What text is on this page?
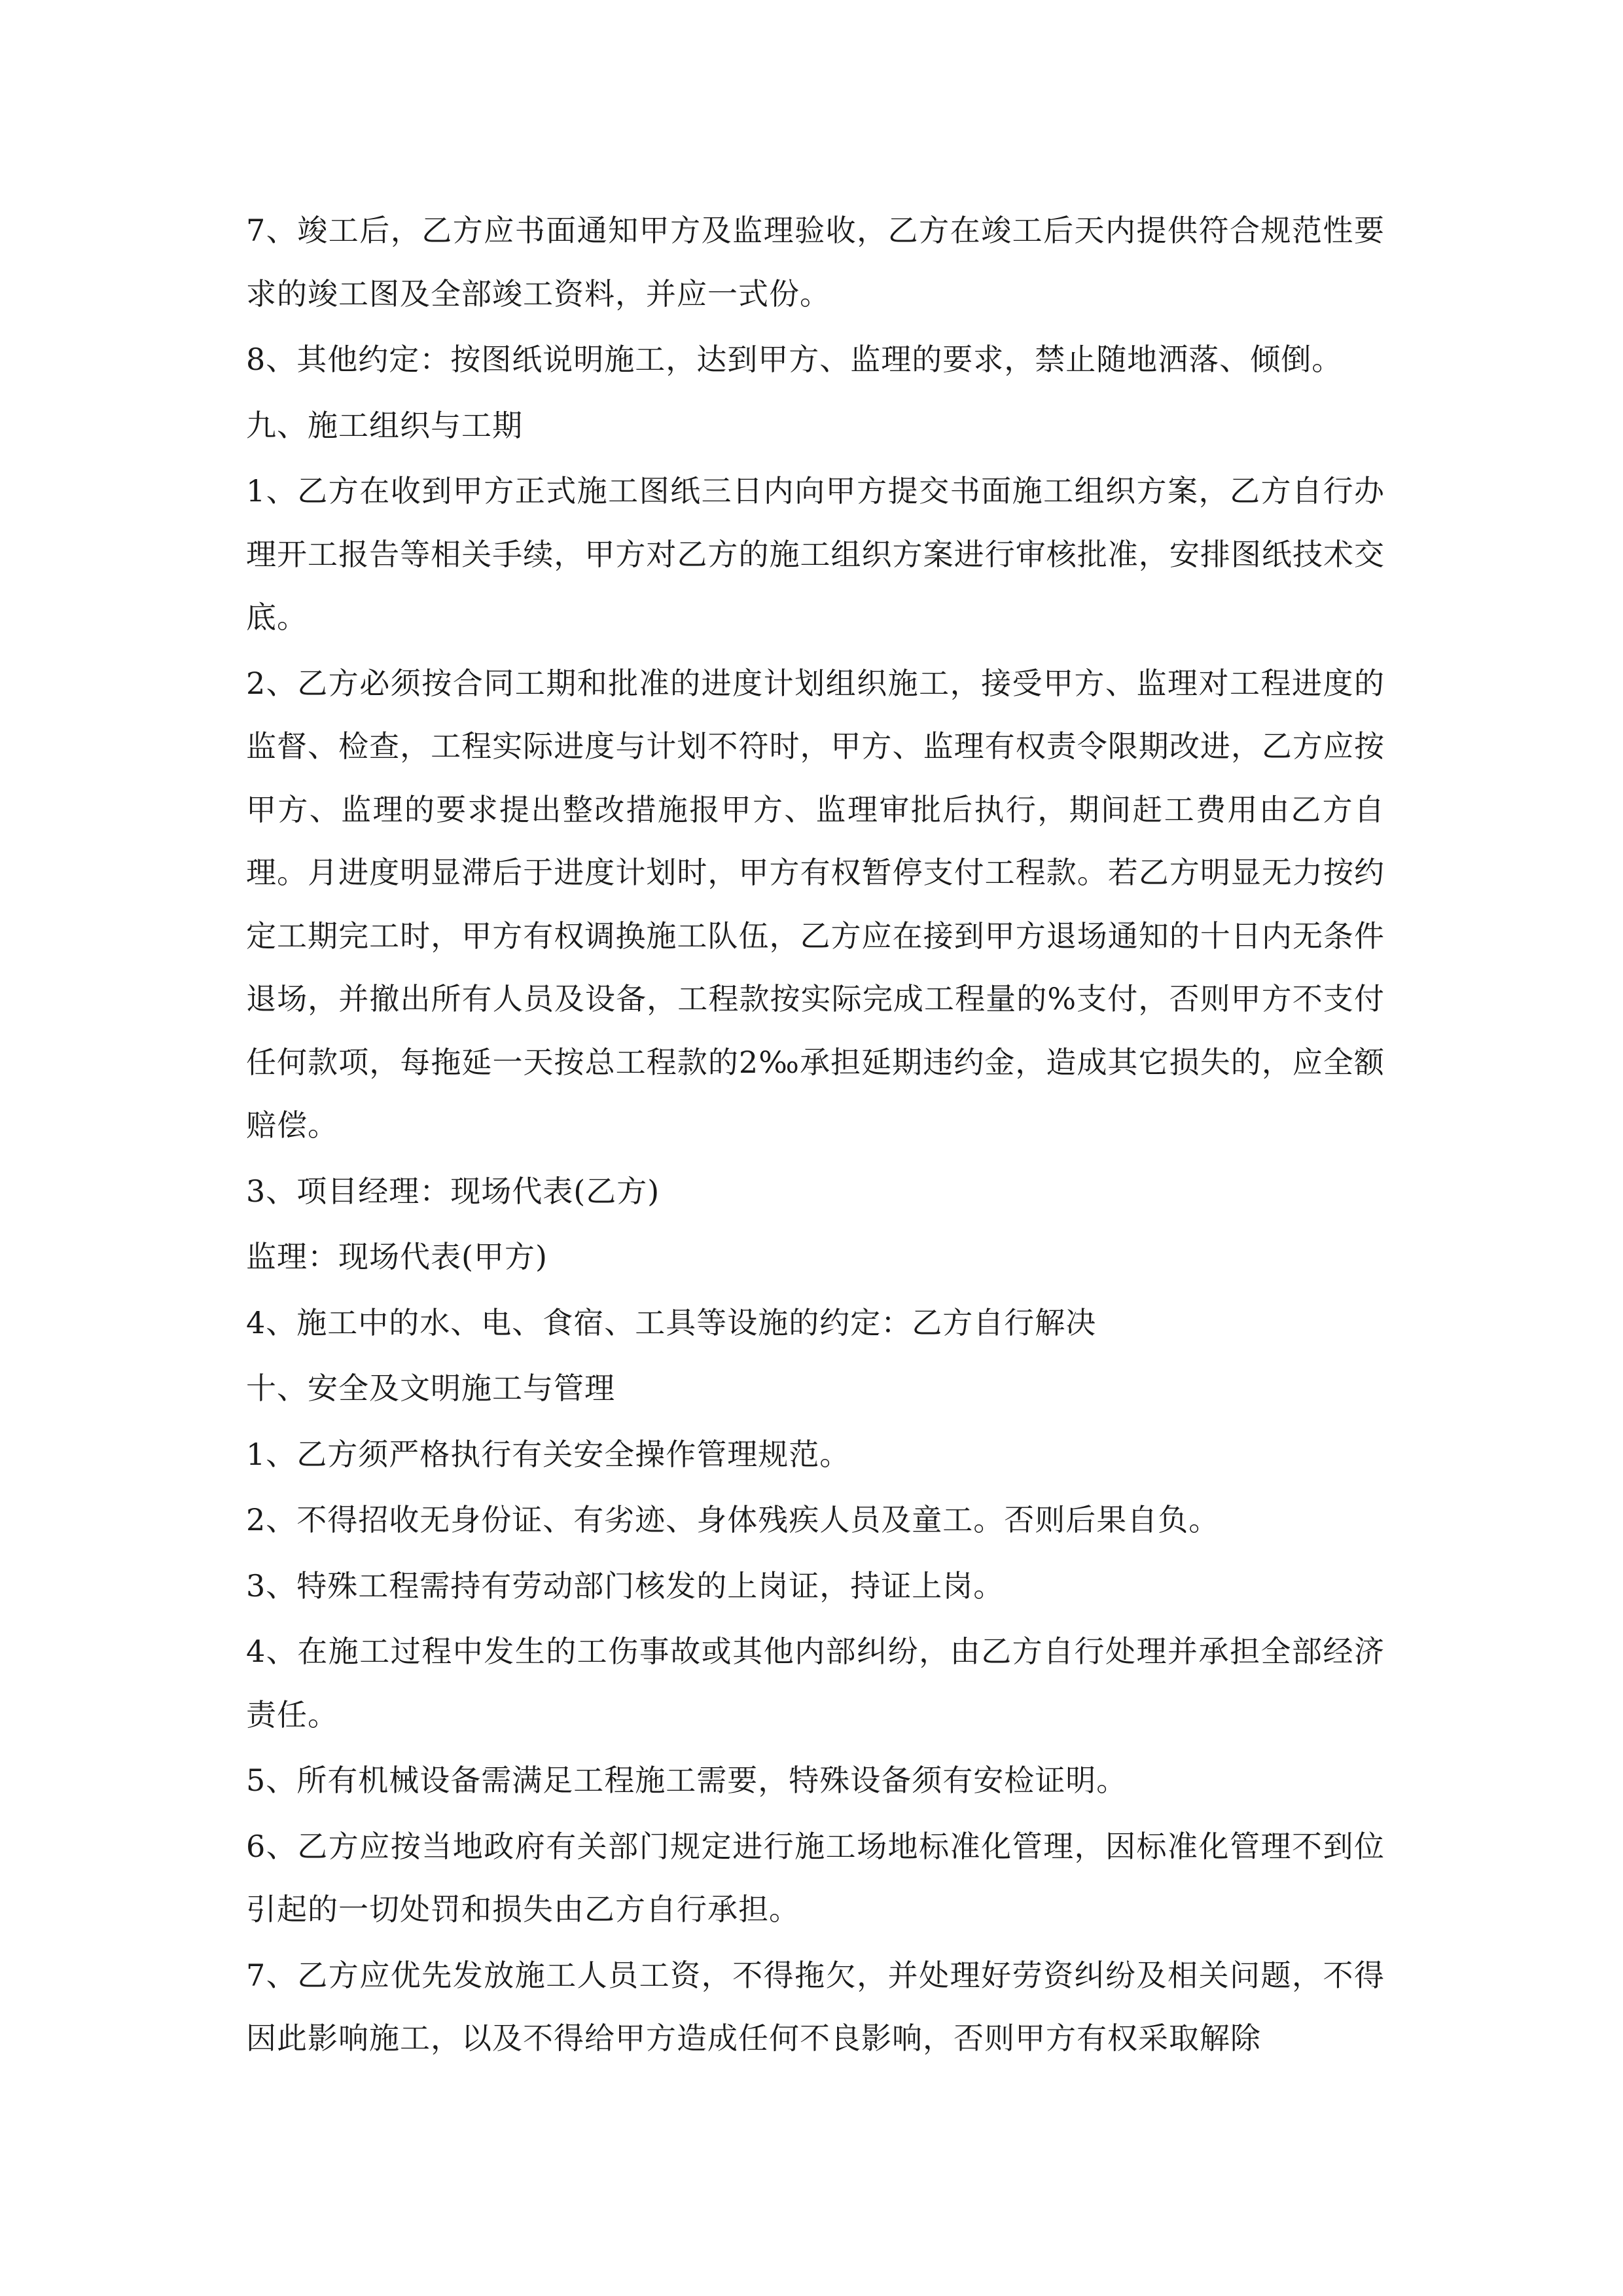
7、竣工后，乙方应书面通知甲方及监理验收，乙方在竣工后天内提供符合规范性要求的竣工图及全部竣工资料，并应一式份。

8、其他约定：按图纸说明施工，达到甲方、监理的要求，禁止随地洒落、倾倒。

九、施工组织与工期

1、乙方在收到甲方正式施工图纸三日内向甲方提交书面施工组织方案，乙方自行办理开工报告等相关手续，甲方对乙方的施工组织方案进行审核批准，安排图纸技术交底。

2、乙方必须按合同工期和批准的进度计划组织施工，接受甲方、监理对工程进度的监督、检查，工程实际进度与计划不符时，甲方、监理有权责令限期改进，乙方应按甲方、监理的要求提出整改措施报甲方、监理审批后执行，期间赶工费用由乙方自理。月进度明显滞后于进度计划时，甲方有权暂停支付工程款。若乙方明显无力按约定工期完工时，甲方有权调换施工队伍，乙方应在接到甲方退场通知的十日内无条件退场，并撤出所有人员及设备，工程款按实际完成工程量的%支付，否则甲方不支付任何款项，每拖延一天按总工程款的2‰承担延期违约金，造成其它损失的，应全额赔偿。

3、项目经理：现场代表(乙方)

监理：现场代表(甲方)

4、施工中的水、电、食宿、工具等设施的约定：乙方自行解决

十、安全及文明施工与管理

1、乙方须严格执行有关安全操作管理规范。

2、不得招收无身份证、有劣迹、身体残疾人员及童工。否则后果自负。

3、特殊工程需持有劳动部门核发的上岗证，持证上岗。

4、在施工过程中发生的工伤事故或其他内部纠纷，由乙方自行处理并承担全部经济责任。

5、所有机械设备需满足工程施工需要，特殊设备须有安检证明。

6、乙方应按当地政府有关部门规定进行施工场地标准化管理，因标准化管理不到位引起的一切处罚和损失由乙方自行承担。

7、乙方应优先发放施工人员工资，不得拖欠，并处理好劳资纠纷及相关问题，不得因此影响施工，以及不得给甲方造成任何不良影响，否则甲方有权采取解除
